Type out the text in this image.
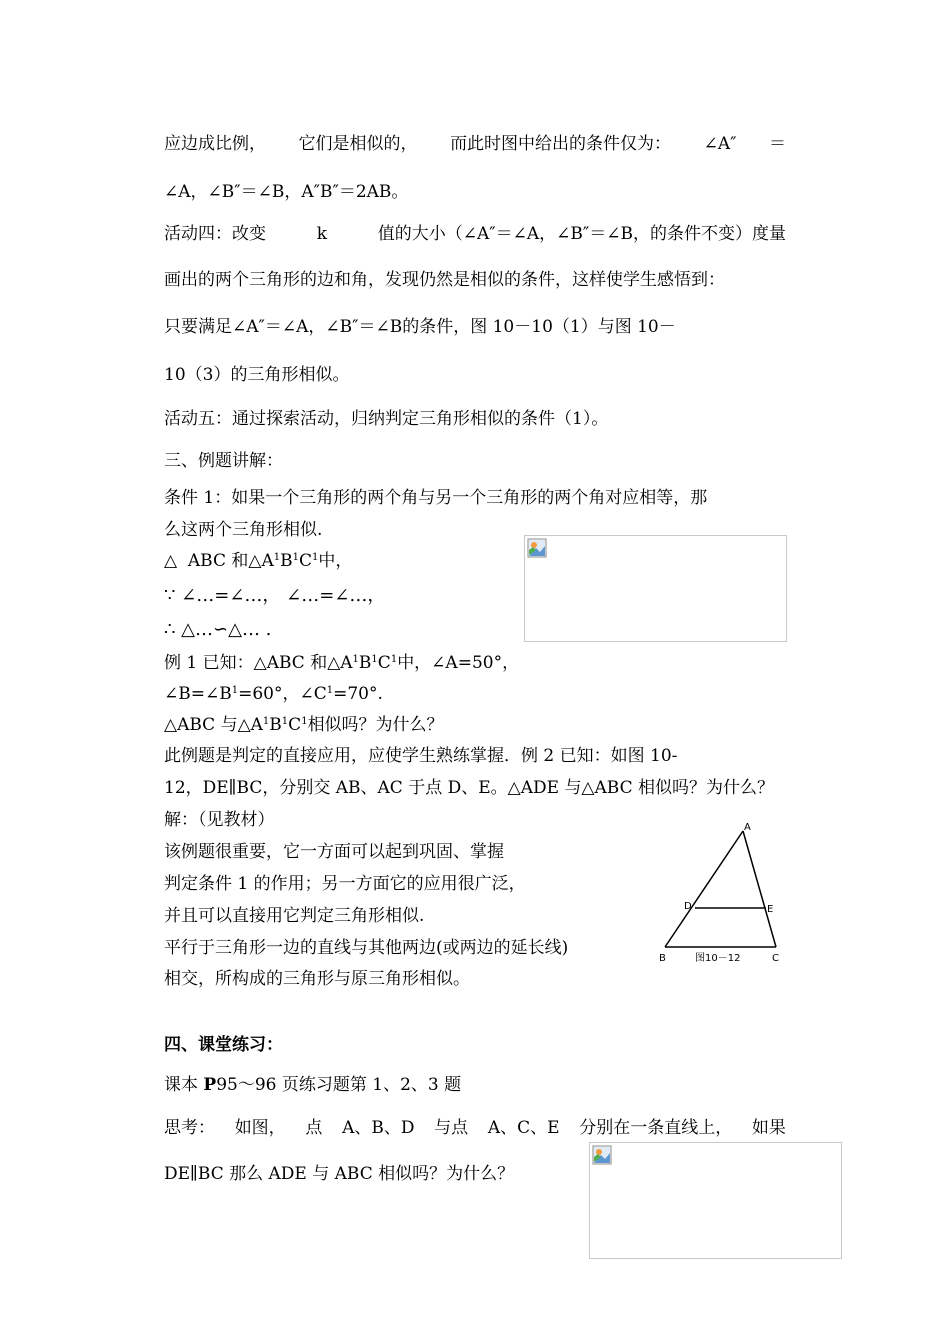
应边成比例， 它们是相似的， 而此时图中给出的条件仅为： ∠A″ ＝
∠A，∠B″＝∠B，A″B″＝2AB。
活动四：改变	k	值的大小（∠A″＝∠A，∠B″＝∠B，的条件不变）度量
画出的两个三角形的边和角，发现仍然是相似的条件，这样使学生感悟到：
只要满足∠A″＝∠A，∠B″＝∠B的条件，图 10－10（1）与图 10－
10（3）的三角形相似。
活动五：通过探索活动，归纳判定三角形相似的条件（1）。
三、例题讲解：
条件 1：如果一个三角形的两个角与另一个三角形的两个角对应相等，那
么这两个三角形相似.
△ ABC 和$\triangle A^1B^1C^1$中，
∵ ∠…=∠…， ∠…=∠…，
∴ △…∽△… .
例 1 已知：△ABC 和$\triangle A^1B^1C^1$中，∠A=50°，
$\angle B=\angle B^1=60^\circ$，$\angle C^1=70^\circ$.
△ABC 与$\triangle A^1B^1C^1$相似吗？为什么？
此例题是判定的直接应用，应使学生熟练掌握．例 2 已知：如图 10-
12，DE∥BC，分别交 AB、AC 于点 D、E。△ADE 与△ABC 相似吗？为什么？
解：（见教材）
该例题很重要，它一方面可以起到巩固、掌握
判定条件 1 的作用；另一方面它的应用很广泛，
并且可以直接用它判定三角形相似.
平行于三角形一边的直线与其他两边(或两边的延长线)
相交，所构成的三角形与原三角形相似。
A
D	E
B	C
图10－12
四、课堂练习：
课本 P95～96 页练习题第 1、2、3 题
思考： 如图， 点 A、B、D 与点 A、C、E 分别在一条直线上， 如果
DE∥BC 那么 ADE 与 ABC 相似吗？为什么？
